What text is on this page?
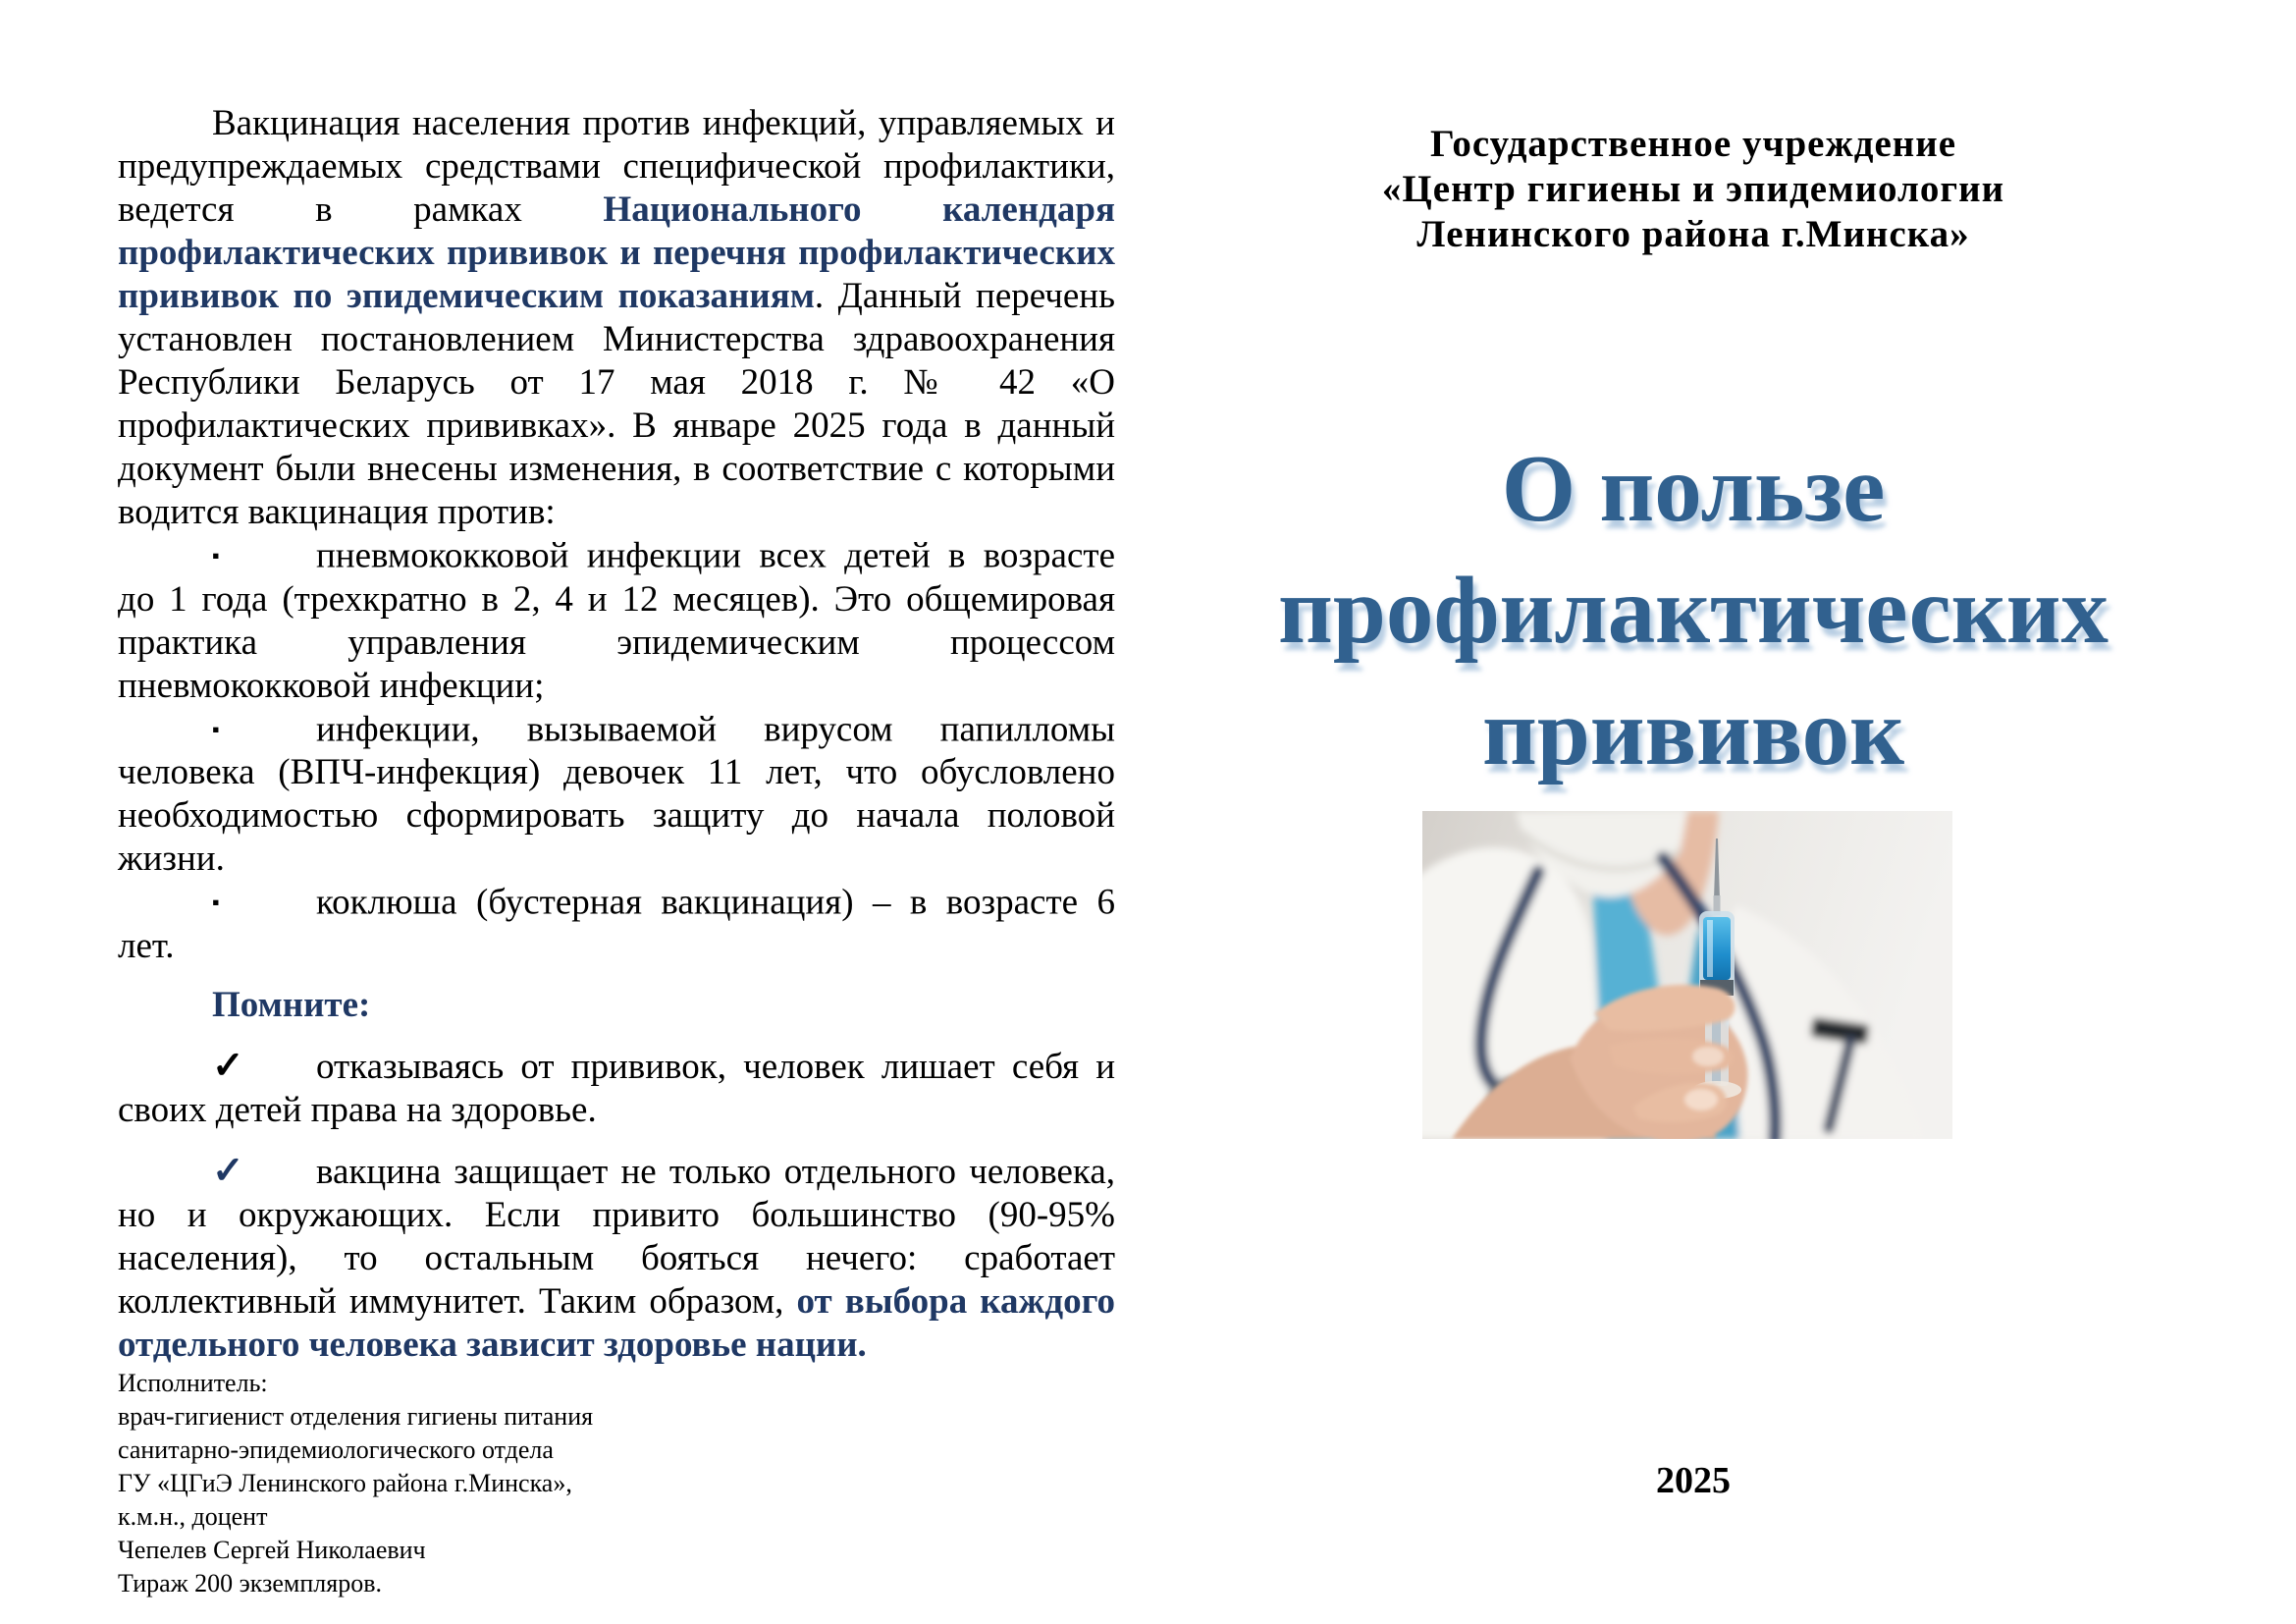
Вакцинация населения против инфекций, управляемых и предупреждаемых средствами специфической профилактики, ведется в рамках Национального календаря профилактических прививок и перечня профилактических прививок по эпидемическим показаниям. Данный перечень установлен постановлением Министерства здравоохранения Республики Беларусь от 17 мая 2018 г. № 42 «О профилактических прививках». В январе 2025 года в данный документ были внесены изменения, в соответствие с которыми водится вакцинация против:

▪	пневмококковой инфекции всех детей в возрасте до 1 года (трехкратно в 2, 4 и 12 месяцев). Это общемировая практика управления эпидемическим процессом пневмококковой инфекции;

▪	инфекции, вызываемой вирусом папилломы человека (ВПЧ-инфекция) девочек 11 лет, что обусловлено необходимостью сформировать защиту до начала половой жизни.

▪	коклюша (бустерная вакцинация) – в возрасте 6 лет.

Помните:

✓ отказываясь от прививок, человек лишает себя и своих детей права на здоровье.

✓ вакцина защищает не только отдельного человека, но и окружающих. Если привито большинство (90-95% населения), то остальным бояться нечего: сработает коллективный иммунитет. Таким образом, от выбора каждого отдельного человека зависит здоровье нации.

Исполнитель:
врач-гигиенист отделения гигиены питания
санитарно-эпидемиологического отдела
ГУ «ЦГиЭ Ленинского района г.Минска»,
к.м.н., доцент
Чепелев Сергей Николаевич
Тираж 200 экземпляров.
Государственное учреждение
«Центр гигиены и эпидемиологии
Ленинского района г.Минска»
О пользе
профилактических
прививок
2025
